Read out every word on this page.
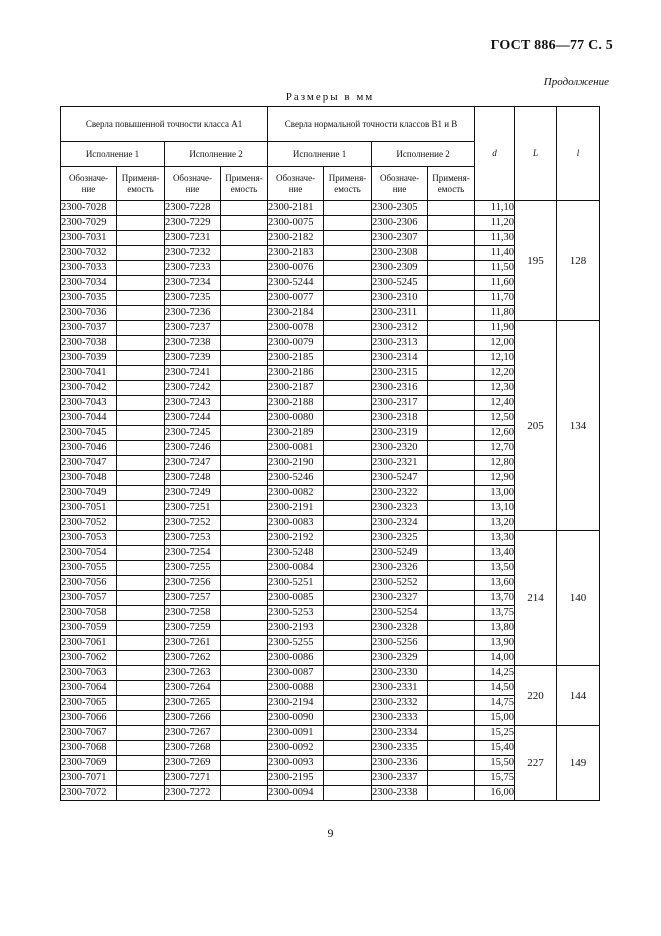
ГОСТ 886—77 С. 5
Продолжение
Размеры в мм
Сверла повышенной точности класса А1				Сверла нормальной точности классов В1 и В				d	L	l
Исполнение 1		Исполнение 2		Исполнение 1		Исполнение 2				
Обозначе-
ние	Применя-
емость	Обозначе-
ние	Применя-
емость	Обозначе-
ние	Применя-
емость	Обозначе-
ние	Применя-
емость			
2300-7028		2300-7228		2300-2181		2300-2305		11,10	195	128
2300-7029		2300-7229		2300-0075		2300-2306		11,20		
2300-7031		2300-7231		2300-2182		2300-2307		11,30		
2300-7032		2300-7232		2300-2183		2300-2308		11,40		
2300-7033		2300-7233		2300-0076		2300-2309		11,50		
2300-7034		2300-7234		2300-5244		2300-5245		11,60		
2300-7035		2300-7235		2300-0077		2300-2310		11,70		
2300-7036		2300-7236		2300-2184		2300-2311		11,80		
2300-7037		2300-7237		2300-0078		2300-2312		11,90	205	134
2300-7038		2300-7238		2300-0079		2300-2313		12,00		
2300-7039		2300-7239		2300-2185		2300-2314		12,10		
2300-7041		2300-7241		2300-2186		2300-2315		12,20		
2300-7042		2300-7242		2300-2187		2300-2316		12,30		
2300-7043		2300-7243		2300-2188		2300-2317		12,40		
2300-7044		2300-7244		2300-0080		2300-2318		12,50		
2300-7045		2300-7245		2300-2189		2300-2319		12,60		
2300-7046		2300-7246		2300-0081		2300-2320		12,70		
2300-7047		2300-7247		2300-2190		2300-2321		12,80		
2300-7048		2300-7248		2300-5246		2300-5247		12,90		
2300-7049		2300-7249		2300-0082		2300-2322		13,00		
2300-7051		2300-7251		2300-2191		2300-2323		13,10		
2300-7052		2300-7252		2300-0083		2300-2324		13,20		
2300-7053		2300-7253		2300-2192		2300-2325		13,30	214	140
2300-7054		2300-7254		2300-5248		2300-5249		13,40		
2300-7055		2300-7255		2300-0084		2300-2326		13,50		
2300-7056		2300-7256		2300-5251		2300-5252		13,60		
2300-7057		2300-7257		2300-0085		2300-2327		13,70		
2300-7058		2300-7258		2300-5253		2300-5254		13,75		
2300-7059		2300-7259		2300-2193		2300-2328		13,80		
2300-7061		2300-7261		2300-5255		2300-5256		13,90		
2300-7062		2300-7262		2300-0086		2300-2329		14,00		
2300-7063		2300-7263		2300-0087		2300-2330		14,25	220	144
2300-7064		2300-7264		2300-0088		2300-2331		14,50		
2300-7065		2300-7265		2300-2194		2300-2332		14,75		
2300-7066		2300-7266		2300-0090		2300-2333		15,00		
2300-7067		2300-7267		2300-0091		2300-2334		15,25	227	149
2300-7068		2300-7268		2300-0092		2300-2335		15,40		
2300-7069		2300-7269		2300-0093		2300-2336		15,50		
2300-7071		2300-7271		2300-2195		2300-2337		15,75		
2300-7072		2300-7272		2300-0094		2300-2338		16,00		
9
